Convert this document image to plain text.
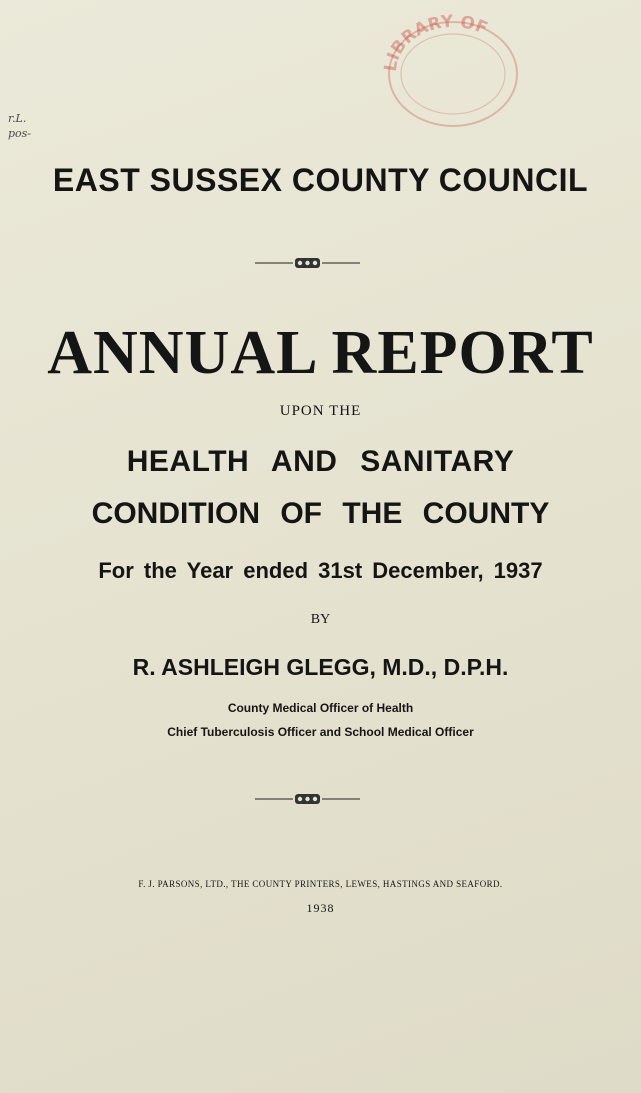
LIBRARY OF
r.L.
pos-
EAST SUSSEX COUNTY COUNCIL
ANNUAL REPORT
UPON THE
HEALTH AND SANITARY
CONDITION OF THE COUNTY
For the Year ended 31st December, 1937
BY
R. ASHLEIGH GLEGG, M.D., D.P.H.
County Medical Officer of Health
Chief Tuberculosis Officer and School Medical Officer
F. J. PARSONS, LTD., THE COUNTY PRINTERS, LEWES, HASTINGS AND SEAFORD.
1938
